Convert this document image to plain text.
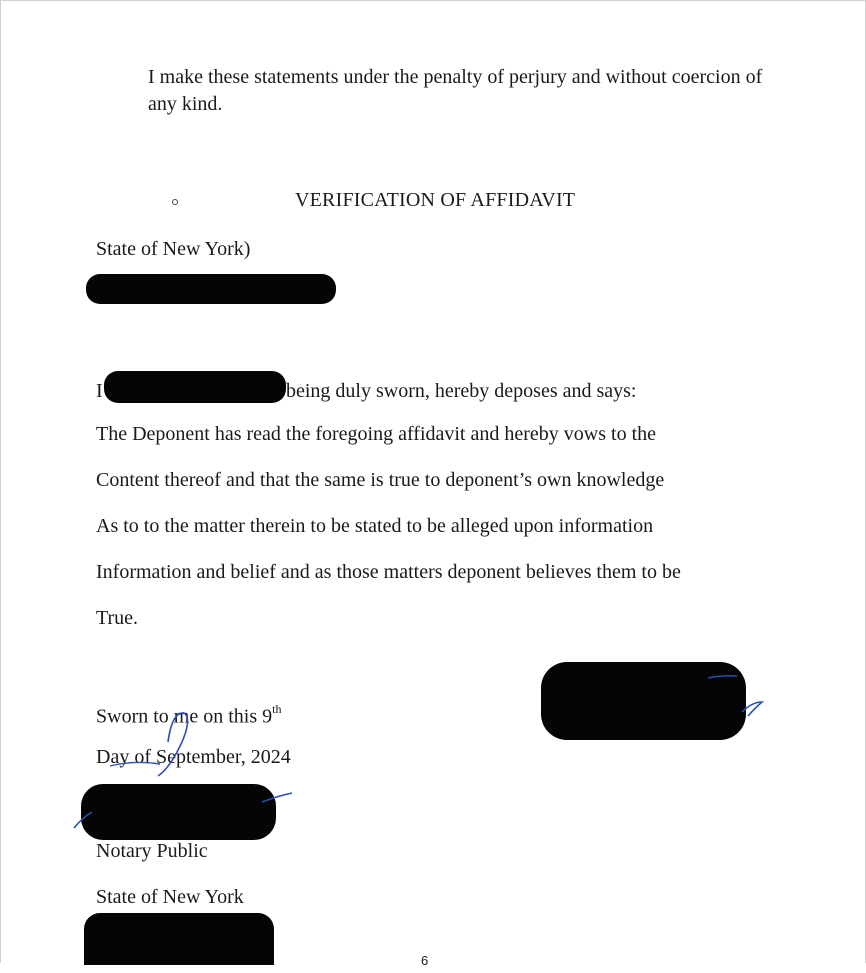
I make these statements under the penalty of perjury and without coercion of any kind.
VERIFICATION OF AFFIDAVIT
State of New York)
I	being duly sworn, hereby deposes and says:
The Deponent has read the foregoing affidavit and hereby vows to the
Content thereof and that the same is true to deponent’s own knowledge
As to to the matter therein to be stated to be alleged upon information
Information and belief and as those matters deponent believes them to be
True.
Sworn to me on this 9th
Day of September, 2024
Notary Public
State of New York
6
